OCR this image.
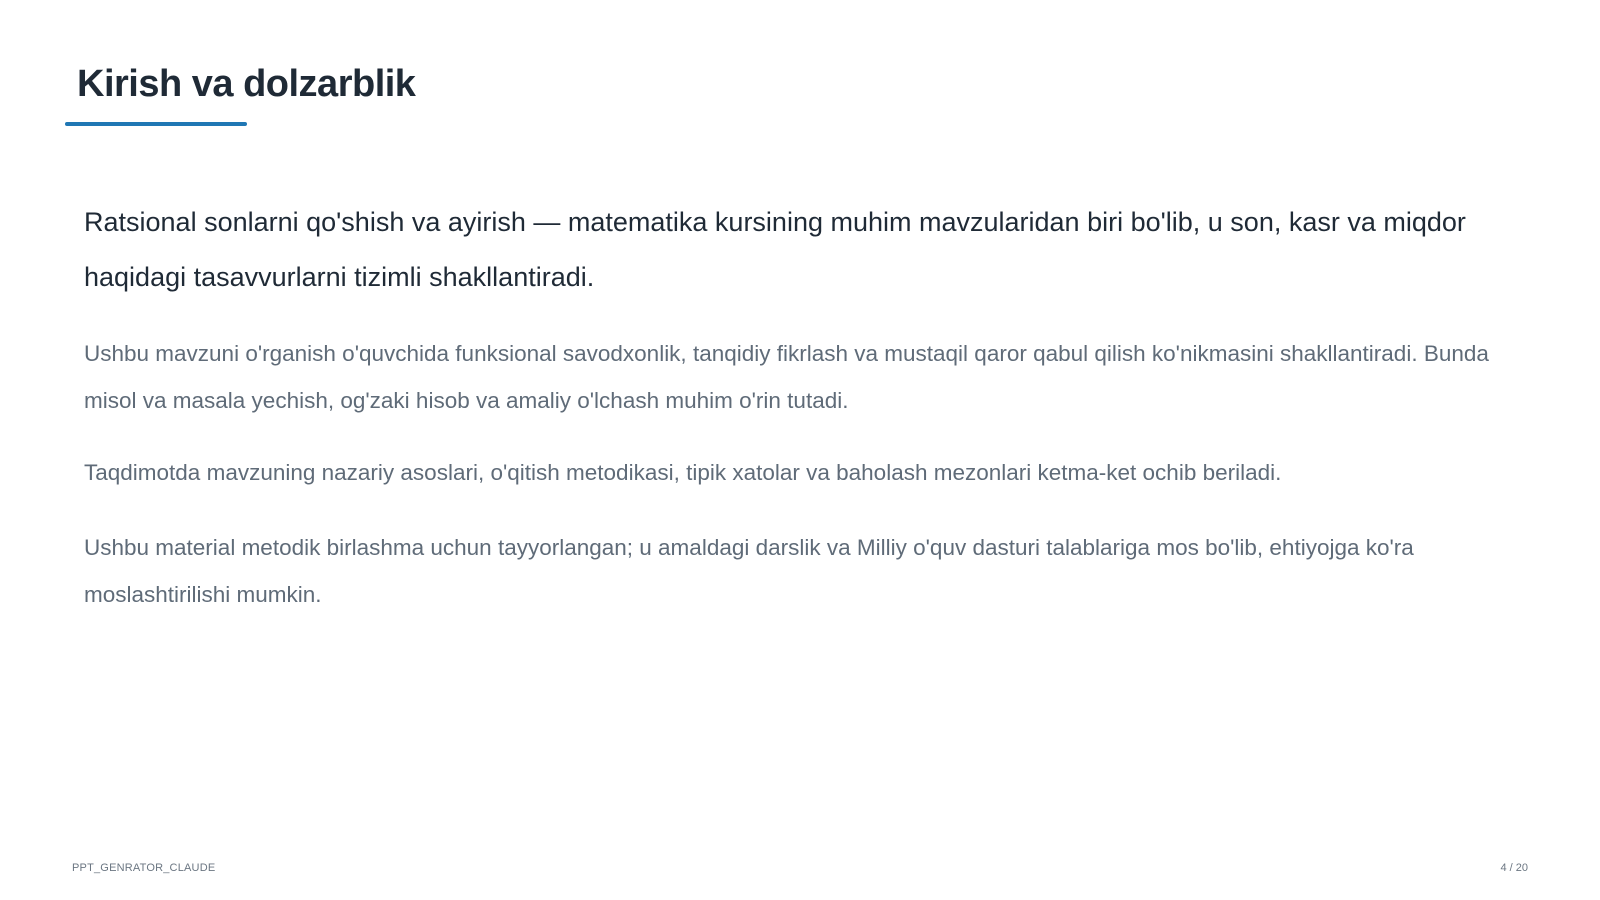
Kirish va dolzarblik

Ratsional sonlarni qo'shish va ayirish — matematika kursining muhim mavzularidan biri bo'lib, u son, kasr va miqdor haqidagi tasavvurlarni tizimli shakllantiradi.

Ushbu mavzuni o'rganish o'quvchida funksional savodxonlik, tanqidiy fikrlash va mustaqil qaror qabul qilish ko'nikmasini shakllantiradi. Bunda misol va masala yechish, og'zaki hisob va amaliy o'lchash muhim o'rin tutadi.

Taqdimotda mavzuning nazariy asoslari, o'qitish metodikasi, tipik xatolar va baholash mezonlari ketma-ket ochib beriladi.

Ushbu material metodik birlashma uchun tayyorlangan; u amaldagi darslik va Milliy o'quv dasturi talablariga mos bo'lib, ehtiyojga ko'ra moslashtirilishi mumkin.

PPT_GENRATOR_CLAUDE	4 / 20
